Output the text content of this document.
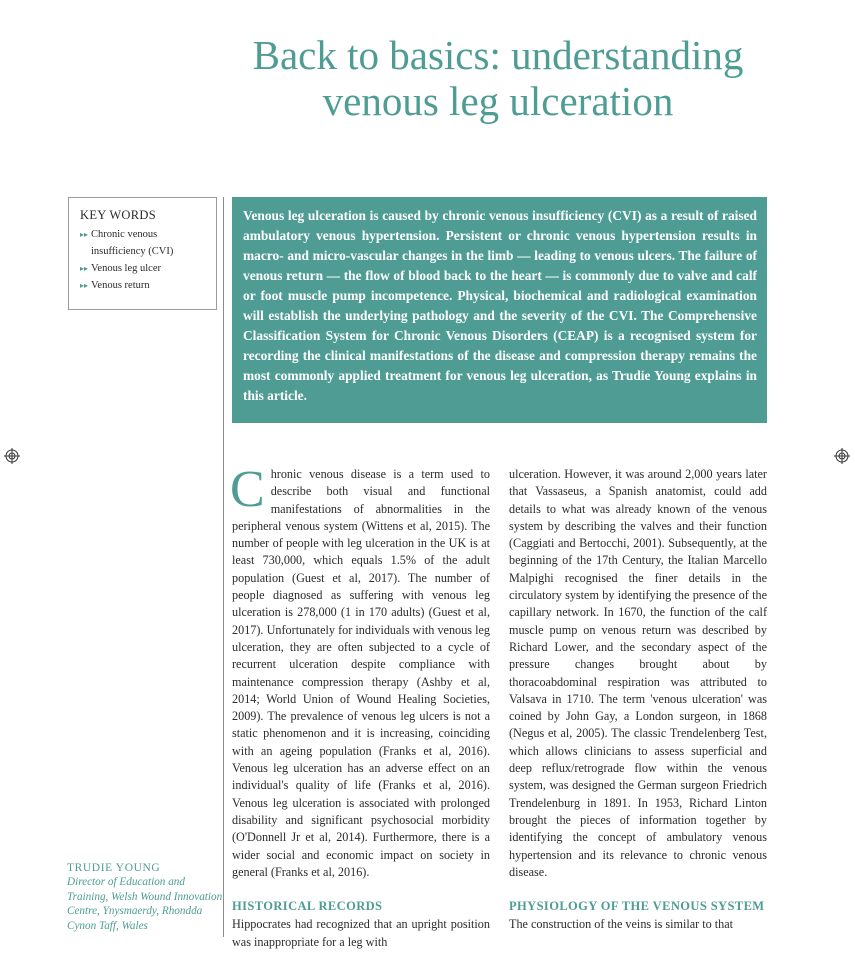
Back to basics: understanding venous leg ulceration
KEY WORDS
▸▸ Chronic venous insufficiency (CVI)
▸▸ Venous leg ulcer
▸▸ Venous return
Venous leg ulceration is caused by chronic venous insufficiency (CVI) as a result of raised ambulatory venous hypertension. Persistent or chronic venous hypertension results in macro- and micro-vascular changes in the limb — leading to venous ulcers. The failure of venous return — the flow of blood back to the heart — is commonly due to valve and calf or foot muscle pump incompetence. Physical, biochemical and radiological examination will establish the underlying pathology and the severity of the CVI. The Comprehensive Classification System for Chronic Venous Disorders (CEAP) is a recognised system for recording the clinical manifestations of the disease and compression therapy remains the most commonly applied treatment for venous leg ulceration, as Trudie Young explains in this article.

Chronic venous disease is a term used to describe both visual and functional manifestations of abnormalities in the peripheral venous system (Wittens et al, 2015). The number of people with leg ulceration in the UK is at least 730,000, which equals 1.5% of the adult population (Guest et al, 2017). The number of people diagnosed as suffering with venous leg ulceration is 278,000 (1 in 170 adults) (Guest et al, 2017). Unfortunately for individuals with venous leg ulceration, they are often subjected to a cycle of recurrent ulceration despite compliance with maintenance compression therapy (Ashby et al, 2014; World Union of Wound Healing Societies, 2009). The prevalence of venous leg ulcers is not a static phenomenon and it is increasing, coinciding with an ageing population (Franks et al, 2016). Venous leg ulceration has an adverse effect on an individual's quality of life (Franks et al, 2016). Venous leg ulceration is associated with prolonged disability and significant psychosocial morbidity (O'Donnell Jr et al, 2014). Furthermore, there is a wider social and economic impact on society in general (Franks et al, 2016).

HISTORICAL RECORDS

Hippocrates had recognized that an upright position was inappropriate for a leg with

ulceration. However, it was around 2,000 years later that Vassaseus, a Spanish anatomist, could add details to what was already known of the venous system by describing the valves and their function (Caggiati and Bertocchi, 2001). Subsequently, at the beginning of the 17th Century, the Italian Marcello Malpighi recognised the finer details in the circulatory system by identifying the presence of the capillary network. In 1670, the function of the calf muscle pump on venous return was described by Richard Lower, and the secondary aspect of the pressure changes brought about by thoracoabdominal respiration was attributed to Valsava in 1710. The term 'venous ulceration' was coined by John Gay, a London surgeon, in 1868 (Negus et al, 2005). The classic Trendelenberg Test, which allows clinicians to assess superficial and deep reflux/retrograde flow within the venous system, was designed the German surgeon Friedrich Trendelenburg in 1891. In 1953, Richard Linton brought the pieces of information together by identifying the concept of ambulatory venous hypertension and its relevance to chronic venous disease.

PHYSIOLOGY OF THE VENOUS SYSTEM

The construction of the veins is similar to that

TRUDIE YOUNG
Director of Education and Training, Welsh Wound Innovation Centre, Ynysmaerdy, Rhondda Cynon Taff, Wales
